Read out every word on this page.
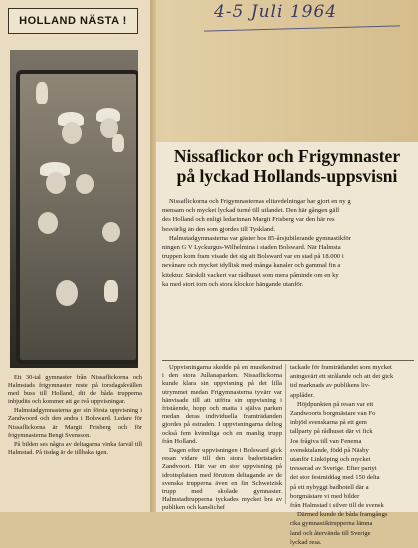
HOLLAND NÄSTA !

Ett 30-tal gymnaster från Nissaflickorna och Halmstads frigymnaster reste på torsdagskvällen med buss till Holland, dit de båda trupperna inbjudits och kommer att ge två uppvisningar.

Halmstadgymnasterna ger sin första uppvisning i Zandwoord och den andra i Bolsward. Ledare för Nissaflickorna är Margit Frisberg och för frigymnasterna Bengt Svensson.

På bilden ses några av deltagarna vinka farväl till Halmstad. På tisdag är de tillbaka igen.

4-5 Juli 1964
Nissaflickor och Frigymnaster
på lyckad Hollands-uppsvisni

Nissaflickorna och Frigymnasternas elitavdelningar har gjort en ny g

mensam och mycket lyckad turné till utlandet. Den här gången gäll

des Holland och enligt ledarinnan Margit Frisberg var den här res

besvärlig än den som gjordes till Tyskland.

Halmstadgymnasterna var gäster hos 85-årsjubilerande gymnastikför

ningen G V Lyckurgus-Wilhelmina i staden Bolsward. När Halmsta

truppen kom fram visade det sig att Bolsward var en stad på 18.000 i

nevånare och mycket idyllisk med många kanaler och gammal fin a

kitektur. Särskilt vackert var rådhuset som mera påminde om en ky

ka med stort torn och stora klockor hängande utanför.

Uppvisningarna skedde på en musikestrad i den stora Jullanaparken. Nissaflickorna kunde klara sin uppvisning på det lilla utrymmet medan Frigymnasterna tyvärr var hänvisade till att utföra sin uppvisning i fristående, hopp och matta i själva parken medan deras individuella framträdanden gjordes på estraden. I uppvisningarna deltog också fem kvinnliga och en manlig trupp från Holland.

Dagen efter uppvisningen i Bolsward gick resan vidare till den stora badortstaden Zandvoort. Här var en stor uppvisning på idrottsplatsen med förutom deltagande av de svenska trupperna även en fin Schweizisk trupp med skolade gymnaster. Halmstadtrupperna tyckades mycket bra av publiken och kanslichef

tackade för framträdandet som mycket

aningsvärt ett strålande och att det gick

tid marknads av publikens liv-

applåder.

Höjdpunkten på resan var ett

Zandwoorts borgmästare van Fo

inbjöd svenskarna på ett gem

tallparty på rådhuset där vi fick

Jos frågiva till van Fenema

svensktalande, född på Näsby

utanför Linköping och mycket

tresserad av Sverige. Efter partyt

det stor festmiddag med 150 delta

på ett nybyggt badhotell där a

borgmästare vi med bilder

från Halmstad i silver till de svensk

Därmed kunde de båda framgångs

rika gymnastiktrupperna lämna

land och återvända till Sverige

lyckad resa.
